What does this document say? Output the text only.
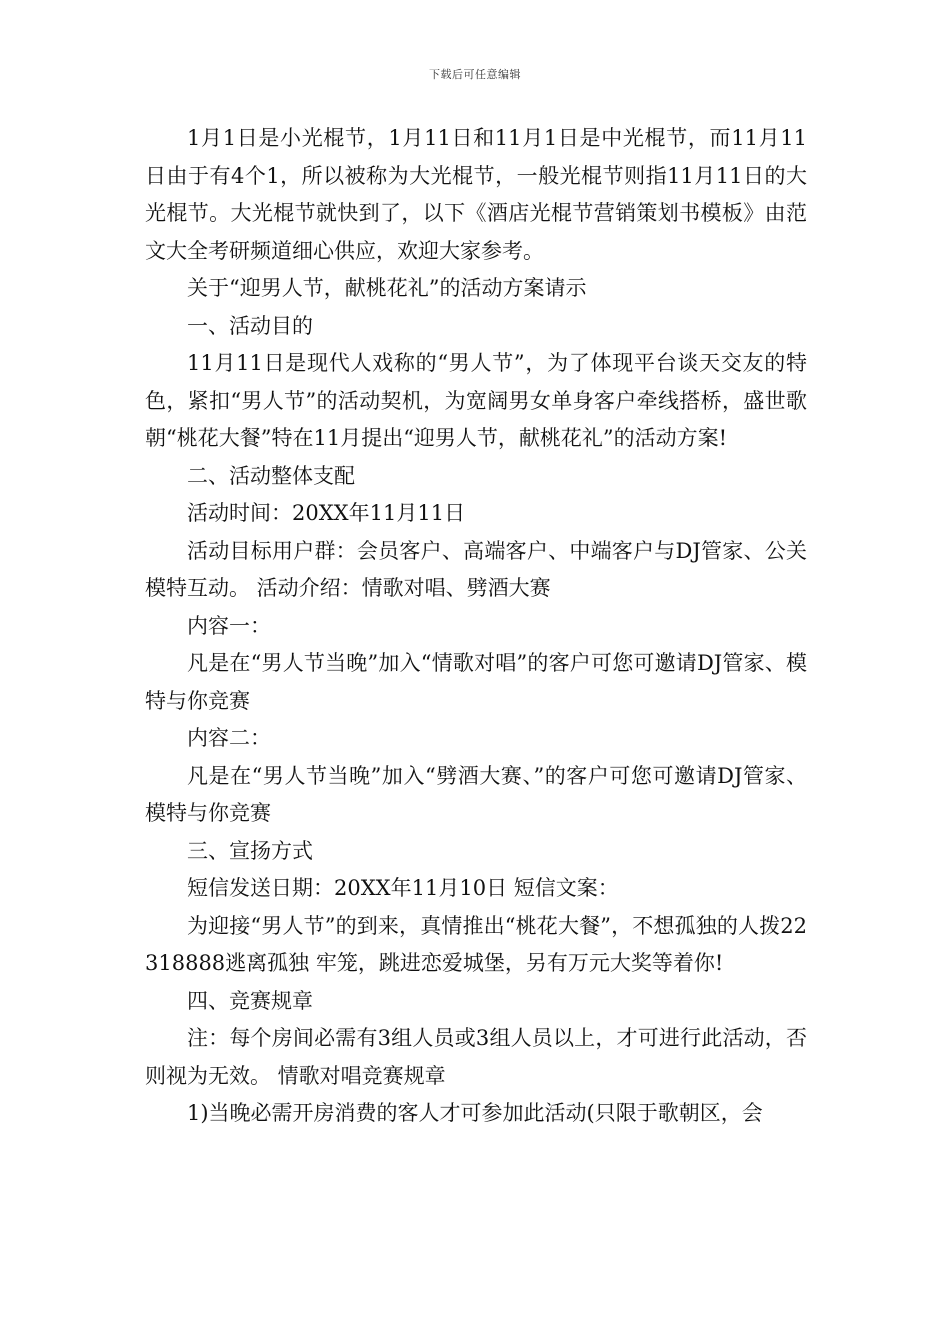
下载后可任意编辑

1月1日是小光棍节，1月11日和11月1日是中光棍节，而11月11日由于有4个1，所以被称为大光棍节，一般光棍节则指11月11日的大光棍节。大光棍节就快到了，以下《酒店光棍节营销策划书模板》由范文大全考研频道细心供应，欢迎大家参考。

关于“迎男人节，献桃花礼”的活动方案请示

一、活动目的

11月11日是现代人戏称的“男人节”，为了体现平台谈天交友的特色，紧扣“男人节”的活动契机，为宽阔男女单身客户牵线搭桥，盛世歌朝“桃花大餐”特在11月提出“迎男人节，献桃花礼”的活动方案!

二、活动整体支配

活动时间：20XX年11月11日

活动目标用户群：会员客户、高端客户、中端客户与DJ管家、公关模特互动。 活动介绍：情歌对唱、劈酒大赛

内容一：

凡是在“男人节当晚”加入“情歌对唱”的客户可您可邀请DJ管家、模特与你竞赛

内容二：

凡是在“男人节当晚”加入“劈酒大赛、”的客户可您可邀请DJ管家、模特与你竞赛

三、宣扬方式

短信发送日期：20XX年11月10日 短信文案：

为迎接“男人节”的到来，真情推出“桃花大餐”，不想孤独的人拨22318888逃离孤独 牢笼，跳进恋爱城堡，另有万元大奖等着你!

四、竞赛规章

注：每个房间必需有3组人员或3组人员以上，才可进行此活动，否则视为无效。 情歌对唱竞赛规章

1)当晚必需开房消费的客人才可参加此活动(只限于歌朝区，会
